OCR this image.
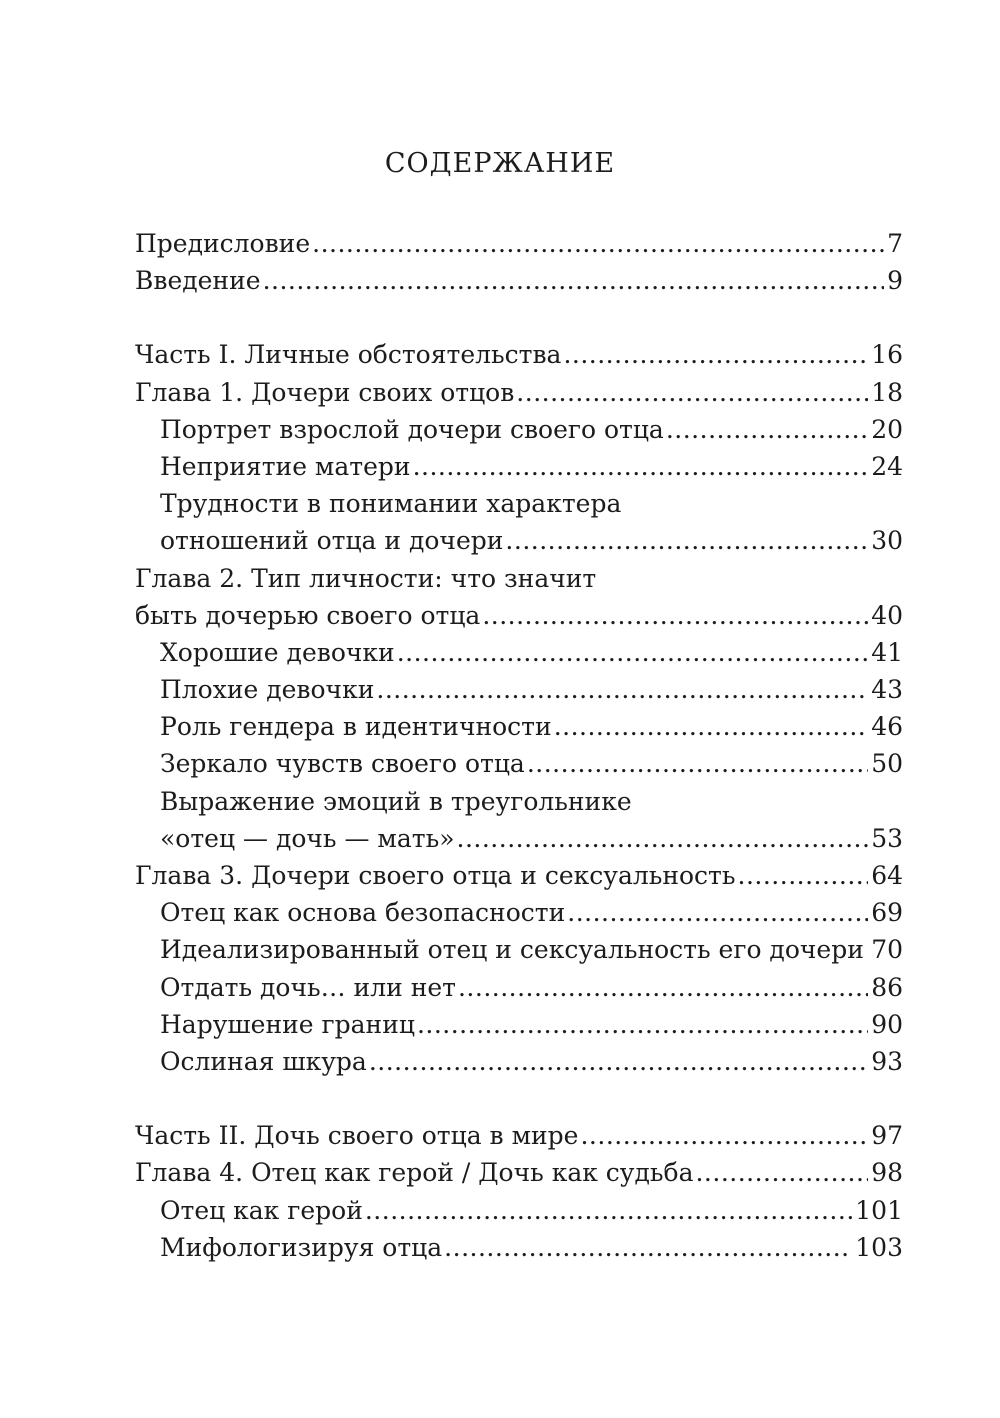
СОДЕРЖАНИЕ
Предисловие .....	7
Введение .....	9
Часть I. Личные обстоятельства .....	16
Глава 1. Дочери своих отцов .....	18
Портрет взрослой дочери своего отца .....	20
Неприятие матери .....	24
Трудности в понимании характера
отношений отца и дочери .....	30
Глава 2. Тип личности: что значит
быть дочерью своего отца .....	40
Хорошие девочки .....	41
Плохие девочки .....	43
Роль гендера в идентичности .....	46
Зеркало чувств своего отца .....	50
Выражение эмоций в треугольнике
«отец — дочь — мать» .....	53
Глава 3. Дочери своего отца и сексуальность .....	64
Отец как основа безопасности .....	69
Идеализированный отец и сексуальность его дочери ..... 70
Отдать дочь… или нет .....	86
Нарушение границ .....	90
Ослиная шкура .....	93
Часть II. Дочь своего отца в мире .....	97
Глава 4. Отец как герой / Дочь как судьба .....	98
Отец как герой .....	101
Мифологизируя отца .....	103
